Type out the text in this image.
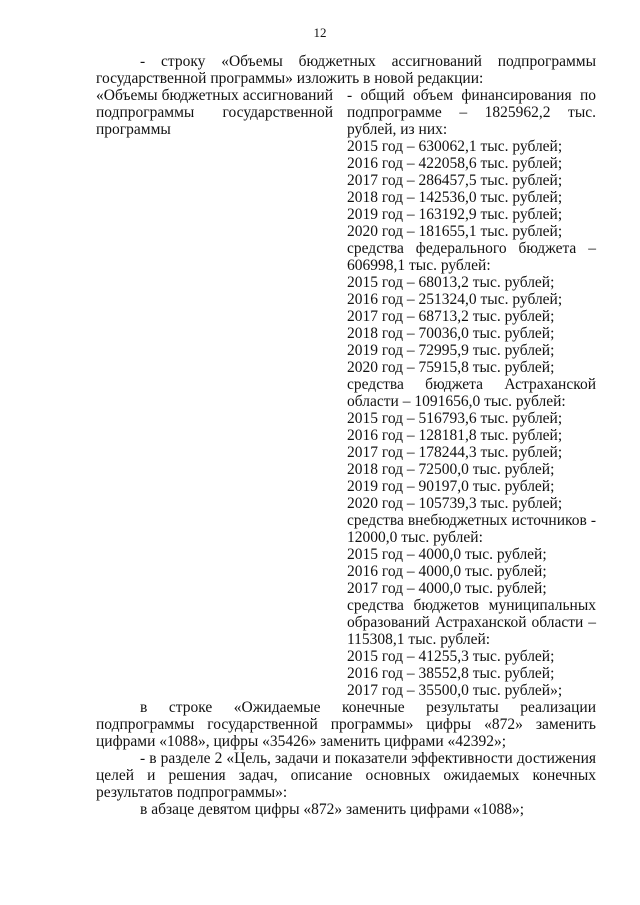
12

- строку «Объемы бюджетных ассигнований подпрограммы государственной программы» изложить в новой редакции:

«Объемы бюджетных ассигнований подпрограммы государственной программы

- общий объем финансирования по подпрограмме – 1825962,2 тыс. рублей, из них:

2015 год – 630062,1 тыс. рублей;

2016 год – 422058,6 тыс. рублей;

2017 год – 286457,5 тыс. рублей;

2018 год – 142536,0 тыс. рублей;

2019 год – 163192,9 тыс. рублей;

2020 год – 181655,1 тыс. рублей;

средства федерального бюджета – 606998,1 тыс. рублей:

2015 год – 68013,2 тыс. рублей;

2016 год – 251324,0 тыс. рублей;

2017 год – 68713,2 тыс. рублей;

2018 год – 70036,0 тыс. рублей;

2019 год – 72995,9 тыс. рублей;

2020 год – 75915,8 тыс. рублей;

средства бюджета Астраханской области – 1091656,0 тыс. рублей:

2015 год – 516793,6 тыс. рублей;

2016 год – 128181,8 тыс. рублей;

2017 год – 178244,3 тыс. рублей;

2018 год – 72500,0 тыс. рублей;

2019 год – 90197,0 тыс. рублей;

2020 год – 105739,3 тыс. рублей;

средства внебюджетных источников - 12000,0 тыс. рублей:

2015 год – 4000,0 тыс. рублей;

2016 год – 4000,0 тыс. рублей;

2017 год – 4000,0 тыс. рублей;

средства бюджетов муниципальных образований Астраханской области – 115308,1 тыс. рублей:

2015 год – 41255,3 тыс. рублей;

2016 год – 38552,8 тыс. рублей;

2017 год – 35500,0 тыс. рублей»;

в строке «Ожидаемые конечные результаты реализации подпрограммы государственной программы» цифры «872» заменить цифрами «1088», цифры «35426» заменить цифрами «42392»;

- в разделе 2 «Цель, задачи и показатели эффективности достижения целей и решения задач, описание основных ожидаемых конечных результатов подпрограммы»:

в абзаце девятом цифры «872» заменить цифрами «1088»;
